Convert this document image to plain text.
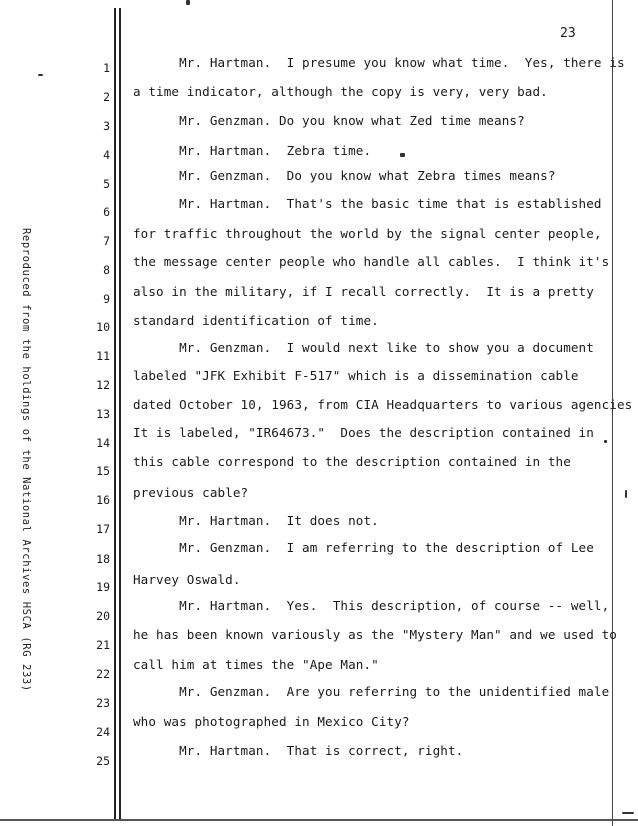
Reproduced from the holdings of the National Archives HSCA (RG 233)
23
1
2
3
4
5
6
7
8
9
10
11
12
13
14
15
16
17
18
19
20
21
22
23
24
25
Mr. Hartman.  I presume you know what time.  Yes, there is
a time indicator, although the copy is very, very bad.
Mr. Genzman. Do you know what Zed time means?
Mr. Hartman.  Zebra time.
Mr. Genzman.  Do you know what Zebra times means?
Mr. Hartman.  That's the basic time that is established
for traffic throughout the world by the signal center people,
the message center people who handle all cables.  I think it's
also in the military, if I recall correctly.  It is a pretty
standard identification of time.
Mr. Genzman.  I would next like to show you a document
labeled "JFK Exhibit F-517" which is a dissemination cable
dated October 10, 1963, from CIA Headquarters to various agencies
It is labeled, "IR64673."  Does the description contained in
this cable correspond to the description contained in the
previous cable?
Mr. Hartman.  It does not.
Mr. Genzman.  I am referring to the description of Lee
Harvey Oswald.
Mr. Hartman.  Yes.  This description, of course -- well,
he has been known variously as the "Mystery Man" and we used to
call him at times the "Ape Man."
Mr. Genzman.  Are you referring to the unidentified male
who was photographed in Mexico City?
Mr. Hartman.  That is correct, right.
